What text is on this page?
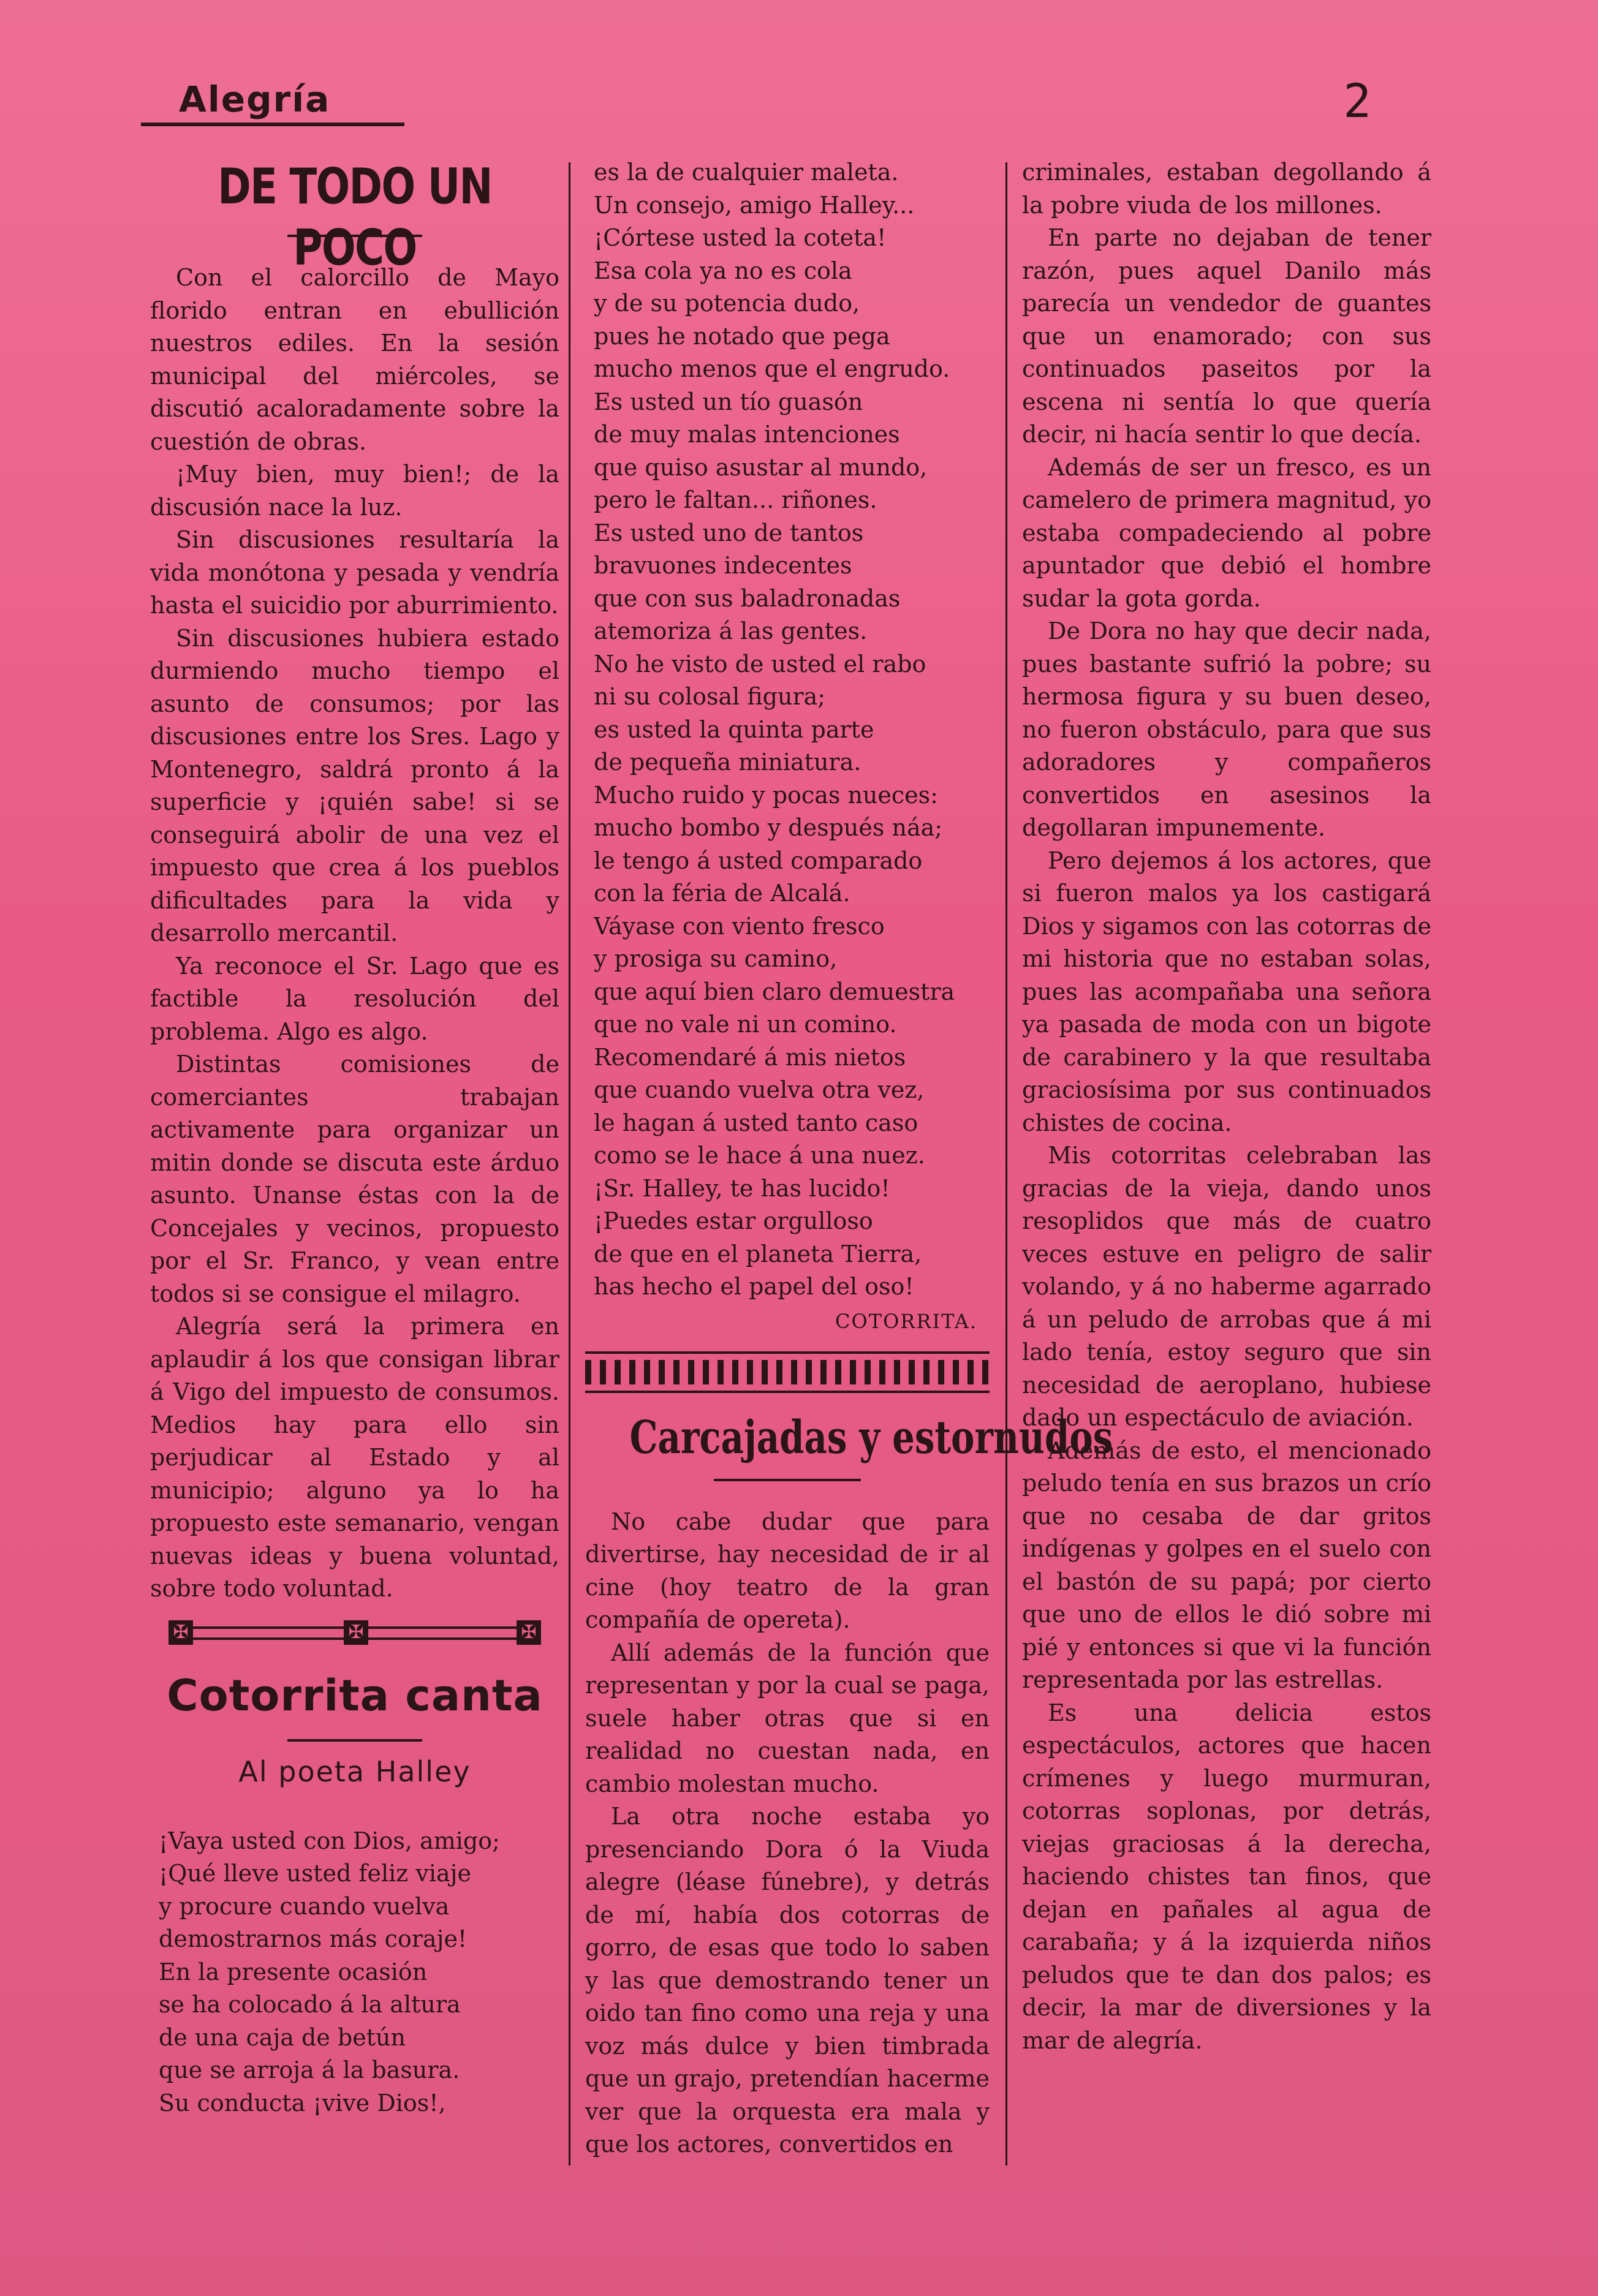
Alegría	2
DE TODO UN POCO

Con el calorcillo de Mayo florido entran en ebullición nuestros ediles. En la sesión municipal del miércoles, se discutió acaloradamente sobre la cuestión de obras.

¡Muy bien, muy bien!; de la discusión nace la luz.

Sin discusiones resultaría la vida monótona y pesada y vendría hasta el suicidio por aburrimiento.

Sin discusiones hubiera estado durmiendo mucho tiempo el asunto de consumos; por las discusiones entre los Sres. Lago y Montenegro, saldrá pronto á la superficie y ¡quién sabe! si se conseguirá abolir de una vez el impuesto que crea á los pueblos dificultades para la vida y desarrollo mercantil.

Ya reconoce el Sr. Lago que es factible la resolución del problema. Algo es algo.

Distintas comisiones de comerciantes trabajan activamente para organizar un mitin donde se discuta este árduo asunto. Unanse éstas con la de Concejales y vecinos, propuesto por el Sr. Franco, y vean entre todos si se consigue el milagro.

Alegría será la primera en aplaudir á los que consigan librar á Vigo del impuesto de consumos. Medios hay para ello sin perjudicar al Estado y al municipio; alguno ya lo ha propuesto este semanario, vengan nuevas ideas y buena voluntad, sobre todo voluntad.

✠	✠	✠
Cotorrita canta
Al poeta Halley

¡Vaya usted con Dios, amigo;

¡Qué lleve usted feliz viaje

y procure cuando vuelva

demostrarnos más coraje!

En la presente ocasión

se ha colocado á la altura

de una caja de betún

que se arroja á la basura.

Su conducta ¡vive Dios!,

es la de cualquier maleta.

Un consejo, amigo Halley...

¡Córtese usted la coteta!

Esa cola ya no es cola

y de su potencia dudo,

pues he notado que pega

mucho menos que el engrudo.

Es usted un tío guasón

de muy malas intenciones

que quiso asustar al mundo,

pero le faltan... riñones.

Es usted uno de tantos

bravuones indecentes

que con sus baladronadas

atemoriza á las gentes.

No he visto de usted el rabo

ni su colosal figura;

es usted la quinta parte

de pequeña miniatura.

Mucho ruido y pocas nueces:

mucho bombo y después náa;

le tengo á usted comparado

con la féria de Alcalá.

Váyase con viento fresco

y prosiga su camino,

que aquí bien claro demuestra

que no vale ni un comino.

Recomendaré á mis nietos

que cuando vuelva otra vez,

le hagan á usted tanto caso

como se le hace á una nuez.

¡Sr. Halley, te has lucido!

¡Puedes estar orgulloso

de que en el planeta Tierra,

has hecho el papel del oso!

COTORRITA.
Carcajadas y estornudos

No cabe dudar que para divertirse, hay necesidad de ir al cine (hoy teatro de la gran compañía de opereta).

Allí además de la función que representan y por la cual se paga, suele haber otras que si en realidad no cuestan nada, en cambio molestan mucho.

La otra noche estaba yo presenciando Dora ó la Viuda alegre (léase fúnebre), y detrás de mí, había dos cotorras de gorro, de esas que todo lo saben y las que demostrando tener un oido tan fino como una reja y una voz más dulce y bien timbrada que un grajo, pretendían hacerme ver que la orquesta era mala y que los actores, convertidos en

criminales, estaban degollando á la pobre viuda de los millones.

En parte no dejaban de tener razón, pues aquel Danilo más parecía un vendedor de guantes que un enamorado; con sus continuados paseitos por la escena ni sentía lo que quería decir, ni hacía sentir lo que decía.

Además de ser un fresco, es un camelero de primera magnitud, yo estaba compadeciendo al pobre apuntador que debió el hombre sudar la gota gorda.

De Dora no hay que decir nada, pues bastante sufrió la pobre; su hermosa figura y su buen deseo, no fueron obstáculo, para que sus adoradores y compañeros convertidos en asesinos la degollaran impunemente.

Pero dejemos á los actores, que si fueron malos ya los castigará Dios y sigamos con las cotorras de mi historia que no estaban solas, pues las acompañaba una señora ya pasada de moda con un bigote de carabinero y la que resultaba graciosísima por sus continuados chistes de cocina.

Mis cotorritas celebraban las gracias de la vieja, dando unos resoplidos que más de cuatro veces estuve en peligro de salir volando, y á no haberme agarrado á un peludo de arrobas que á mi lado tenía, estoy seguro que sin necesidad de aeroplano, hubiese dado un espectáculo de aviación.

Además de esto, el mencionado peludo tenía en sus brazos un crío que no cesaba de dar gritos indígenas y golpes en el suelo con el bastón de su papá; por cierto que uno de ellos le dió sobre mi pié y entonces si que vi la función representada por las estrellas.

Es una delicia estos espectáculos, actores que hacen crímenes y luego murmuran, cotorras soplonas, por detrás, viejas graciosas á la derecha, haciendo chistes tan finos, que dejan en pañales al agua de carabaña; y á la izquierda niños peludos que te dan dos palos; es decir, la mar de diversiones y la mar de alegría.
